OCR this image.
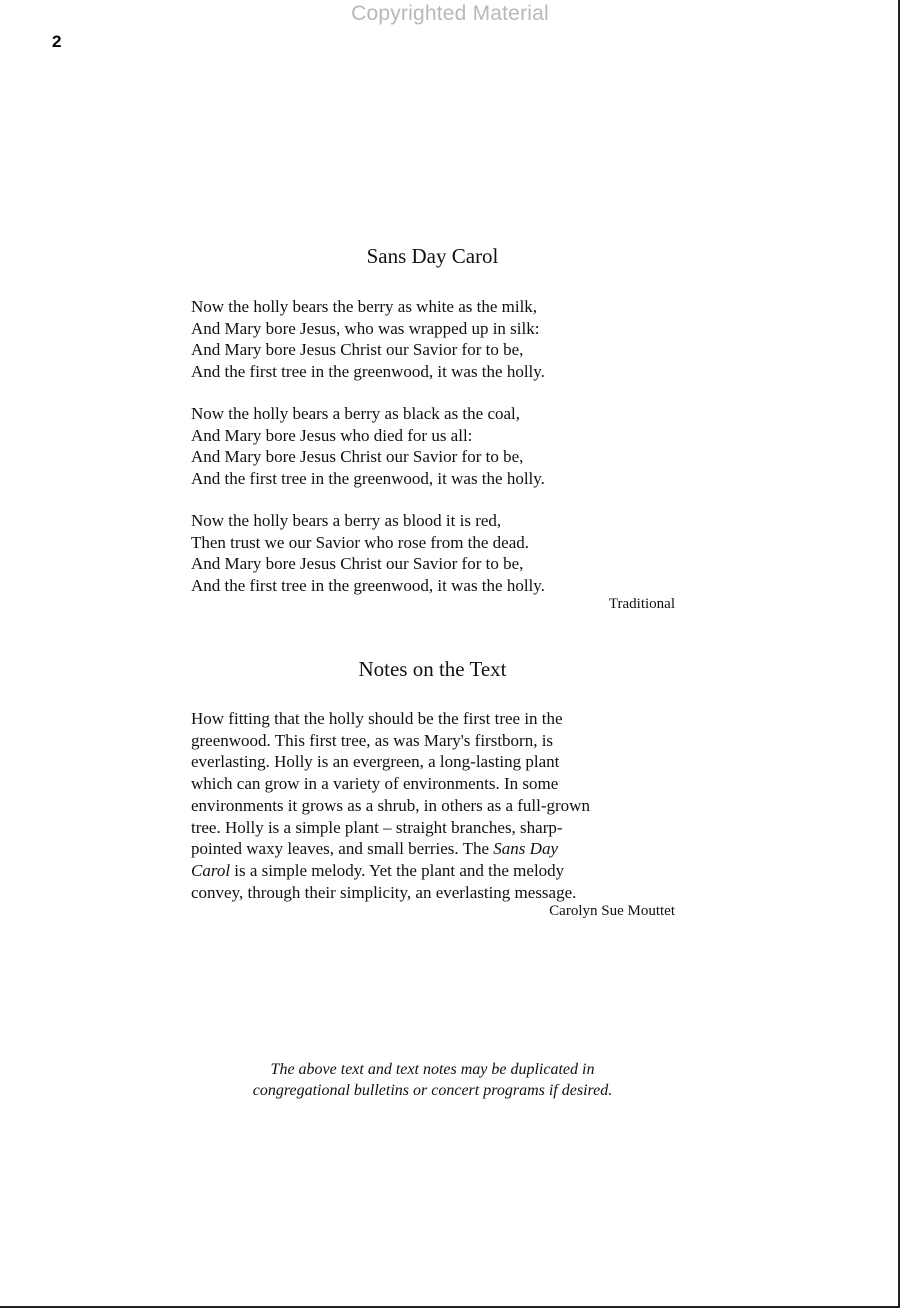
Copyrighted Material
2
Sans Day Carol
Now the holly bears the berry as white as the milk,
And Mary bore Jesus, who was wrapped up in silk:
And Mary bore Jesus Christ our Savior for to be,
And the first tree in the greenwood, it was the holly.
Now the holly bears a berry as black as the coal,
And Mary bore Jesus who died for us all:
And Mary bore Jesus Christ our Savior for to be,
And the first tree in the greenwood, it was the holly.
Now the holly bears a berry as blood it is red,
Then trust we our Savior who rose from the dead.
And Mary bore Jesus Christ our Savior for to be,
And the first tree in the greenwood, it was the holly.
Traditional
Notes on the Text
How fitting that the holly should be the first tree in the
greenwood. This first tree, as was Mary's firstborn, is
everlasting. Holly is an evergreen, a long-lasting plant
which can grow in a variety of environments. In some
environments it grows as a shrub, in others as a full-grown
tree. Holly is a simple plant – straight branches, sharp-
pointed waxy leaves, and small berries. The Sans Day
Carol is a simple melody. Yet the plant and the melody
convey, through their simplicity, an everlasting message.
Carolyn Sue Mouttet
The above text and text notes may be duplicated in
congregational bulletins or concert programs if desired.
